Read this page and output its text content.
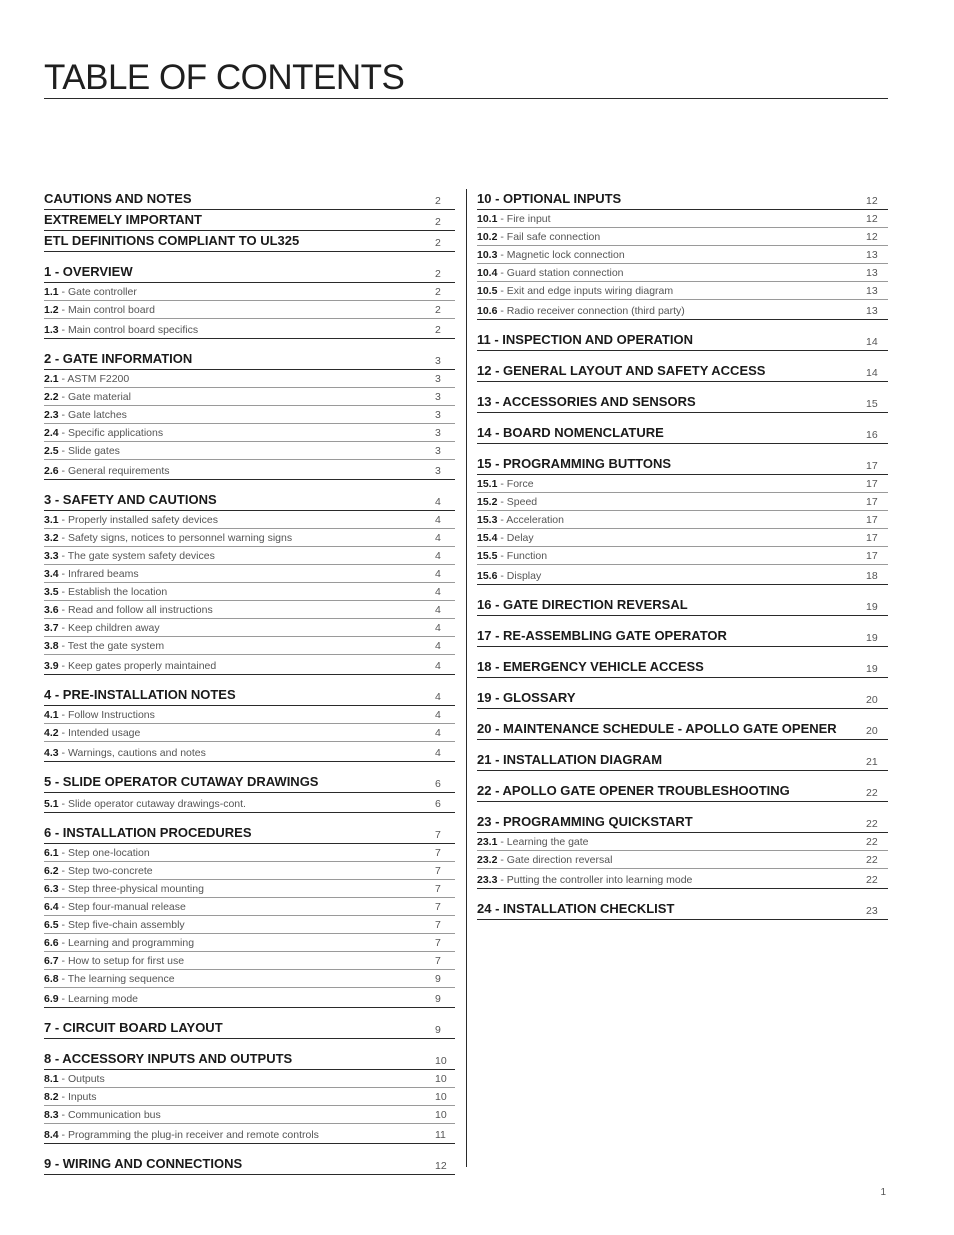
TABLE OF CONTENTS
CAUTIONS AND NOTES	2
EXTREMELY IMPORTANT	2
ETL DEFINITIONS COMPLIANT TO UL325	2
1 - OVERVIEW	2
1.1 - Gate controller	2
1.2 - Main control board	2
1.3 - Main control board specifics	2
2 - GATE INFORMATION	3
2.1 - ASTM F2200	3
2.2 - Gate material	3
2.3 - Gate latches	3
2.4 - Specific applications	3
2.5 - Slide gates	3
2.6 - General requirements	3
3 - SAFETY AND CAUTIONS	4
3.1 - Properly installed safety devices	4
3.2 - Safety signs, notices to personnel warning signs	4
3.3 - The gate system safety devices	4
3.4 - Infrared beams	4
3.5 - Establish the location	4
3.6 - Read and follow all instructions	4
3.7 - Keep children away	4
3.8 - Test the gate system	4
3.9 - Keep gates properly maintained	4
4 - PRE-INSTALLATION NOTES	4
4.1 - Follow Instructions	4
4.2 - Intended usage	4
4.3 - Warnings, cautions and notes	4
5 - SLIDE OPERATOR CUTAWAY DRAWINGS	6
5.1 - Slide operator cutaway drawings-cont.	6
6 - INSTALLATION PROCEDURES	7
6.1 - Step one-location	7
6.2 - Step two-concrete	7
6.3 - Step three-physical mounting	7
6.4 - Step four-manual release	7
6.5 - Step five-chain assembly	7
6.6 - Learning and programming	7
6.7 - How to setup for first use	7
6.8 - The learning sequence	9
6.9 - Learning mode	9
7 - CIRCUIT BOARD LAYOUT	9
8 - ACCESSORY INPUTS AND OUTPUTS	10
8.1 - Outputs	10
8.2 - Inputs	10
8.3 - Communication bus	10
8.4 - Programming the plug-in receiver and remote controls	11
9 - WIRING AND CONNECTIONS	12
10 - OPTIONAL INPUTS	12
10.1 - Fire input	12
10.2 - Fail safe connection	12
10.3 - Magnetic lock connection	13
10.4 - Guard station connection	13
10.5 - Exit and edge inputs wiring diagram	13
10.6 - Radio receiver connection (third party)	13
11 - INSPECTION AND OPERATION	14
12 - GENERAL LAYOUT AND SAFETY ACCESS	14
13 - ACCESSORIES AND SENSORS	15
14 - BOARD NOMENCLATURE	16
15 - PROGRAMMING BUTTONS	17
15.1 - Force	17
15.2 - Speed	17
15.3 - Acceleration	17
15.4 - Delay	17
15.5 - Function	17
15.6 - Display	18
16 - GATE DIRECTION REVERSAL	19
17 - RE-ASSEMBLING GATE OPERATOR	19
18 - EMERGENCY VEHICLE ACCESS	19
19 - GLOSSARY	20
20 - MAINTENANCE SCHEDULE - APOLLO GATE OPENER	20
21 - INSTALLATION DIAGRAM	21
22 - APOLLO GATE OPENER TROUBLESHOOTING	22
23 - PROGRAMMING QUICKSTART	22
23.1 - Learning the gate	22
23.2 - Gate direction reversal	22
23.3 - Putting the controller into learning mode	22
24 - INSTALLATION CHECKLIST	23
1
